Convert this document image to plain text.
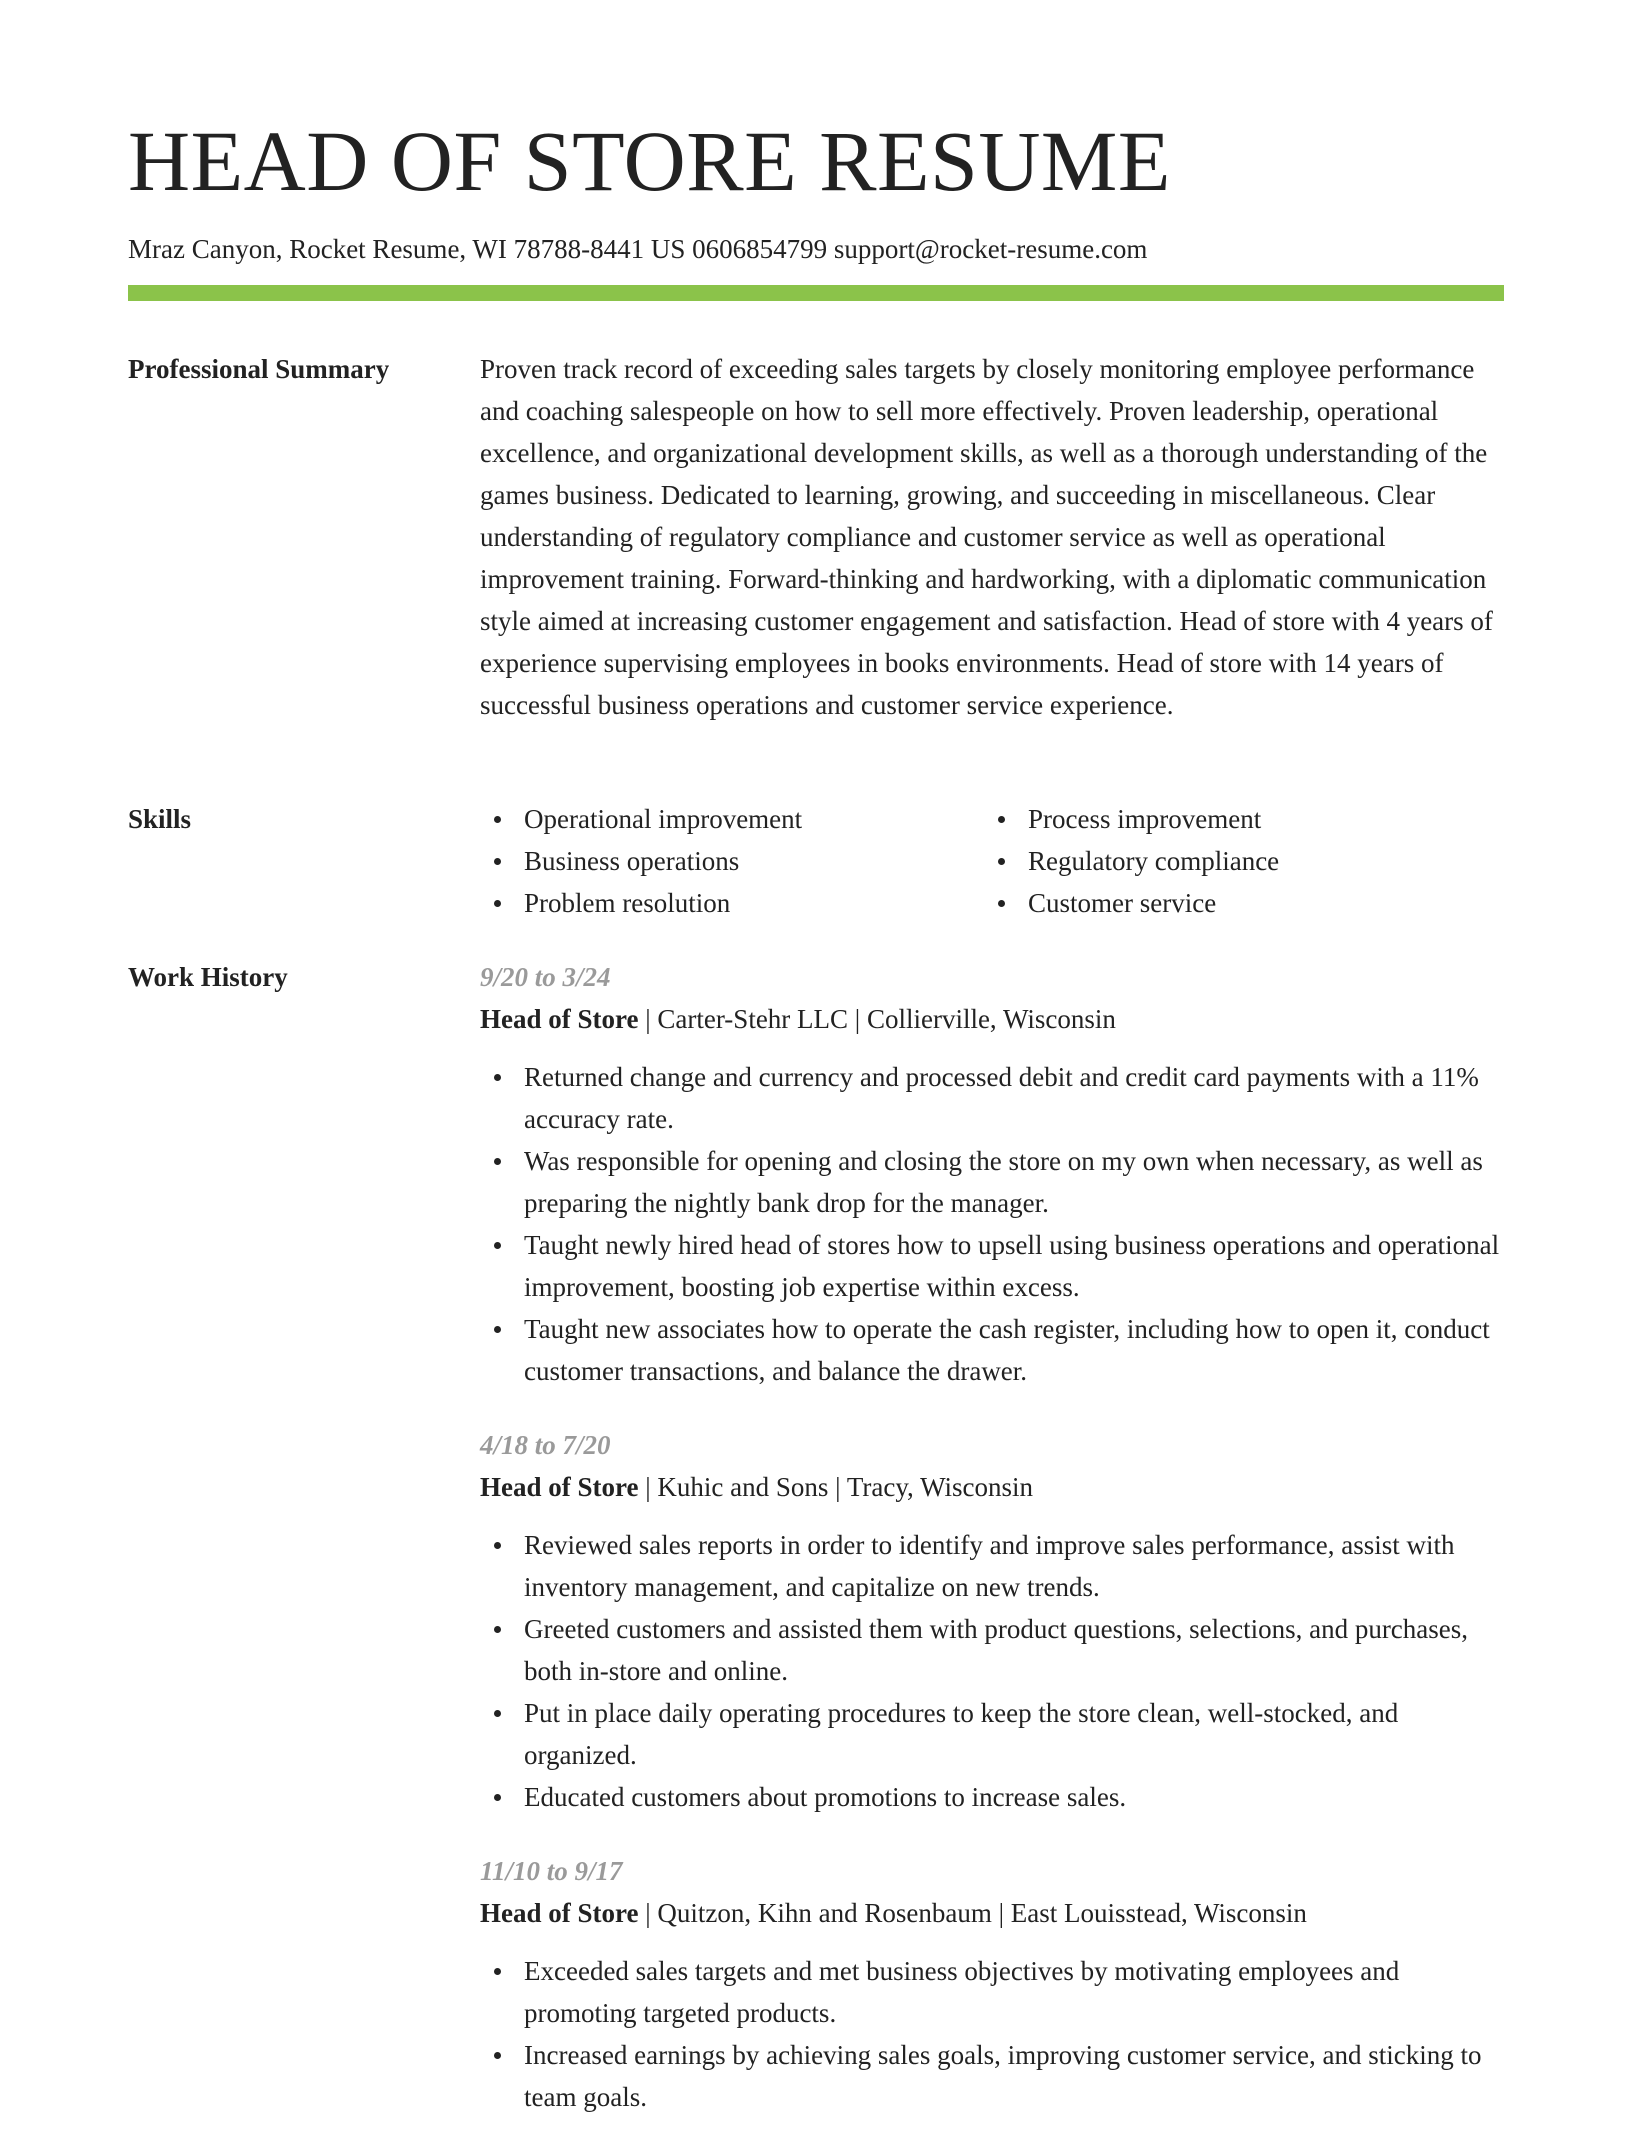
HEAD OF STORE RESUME
Mraz Canyon, Rocket Resume, WI 78788-8441 US 0606854799 support@rocket-resume.com
Professional Summary	Proven track record of exceeding sales targets by closely monitoring employee performance and coaching salespeople on how to sell more effectively. Proven leadership, operational excellence, and organizational development skills, as well as a thorough understanding of the games business. Dedicated to learning, growing, and succeeding in miscellaneous. Clear understanding of regulatory compliance and customer service as well as operational improvement training. Forward-thinking and hardworking, with a diplomatic communication style aimed at increasing customer engagement and satisfaction. Head of store with 4 years of experience supervising employees in books environments. Head of store with 14 years of successful business operations and customer service experience.

Skills	Operational improvement
Business operations
Problem resolution
Process improvement
Regulatory compliance
Customer service
Work History	9/20 to 3/24
Head of Store | Carter-Stehr LLC | Collierville, Wisconsin
Returned change and currency and processed debit and credit card payments with a 11% accuracy rate.
Was responsible for opening and closing the store on my own when necessary, as well as preparing the nightly bank drop for the manager.
Taught newly hired head of stores how to upsell using business operations and operational improvement, boosting job expertise within excess.
Taught new associates how to operate the cash register, including how to open it, conduct customer transactions, and balance the drawer.
4/18 to 7/20
Head of Store | Kuhic and Sons | Tracy, Wisconsin
Reviewed sales reports in order to identify and improve sales performance, assist with inventory management, and capitalize on new trends.
Greeted customers and assisted them with product questions, selections, and purchases, both in-store and online.
Put in place daily operating procedures to keep the store clean, well-stocked, and organized.
Educated customers about promotions to increase sales.
11/10 to 9/17
Head of Store | Quitzon, Kihn and Rosenbaum | East Louisstead, Wisconsin
Exceeded sales targets and met business objectives by motivating employees and promoting targeted products.
Increased earnings by achieving sales goals, improving customer service, and sticking to team goals.
